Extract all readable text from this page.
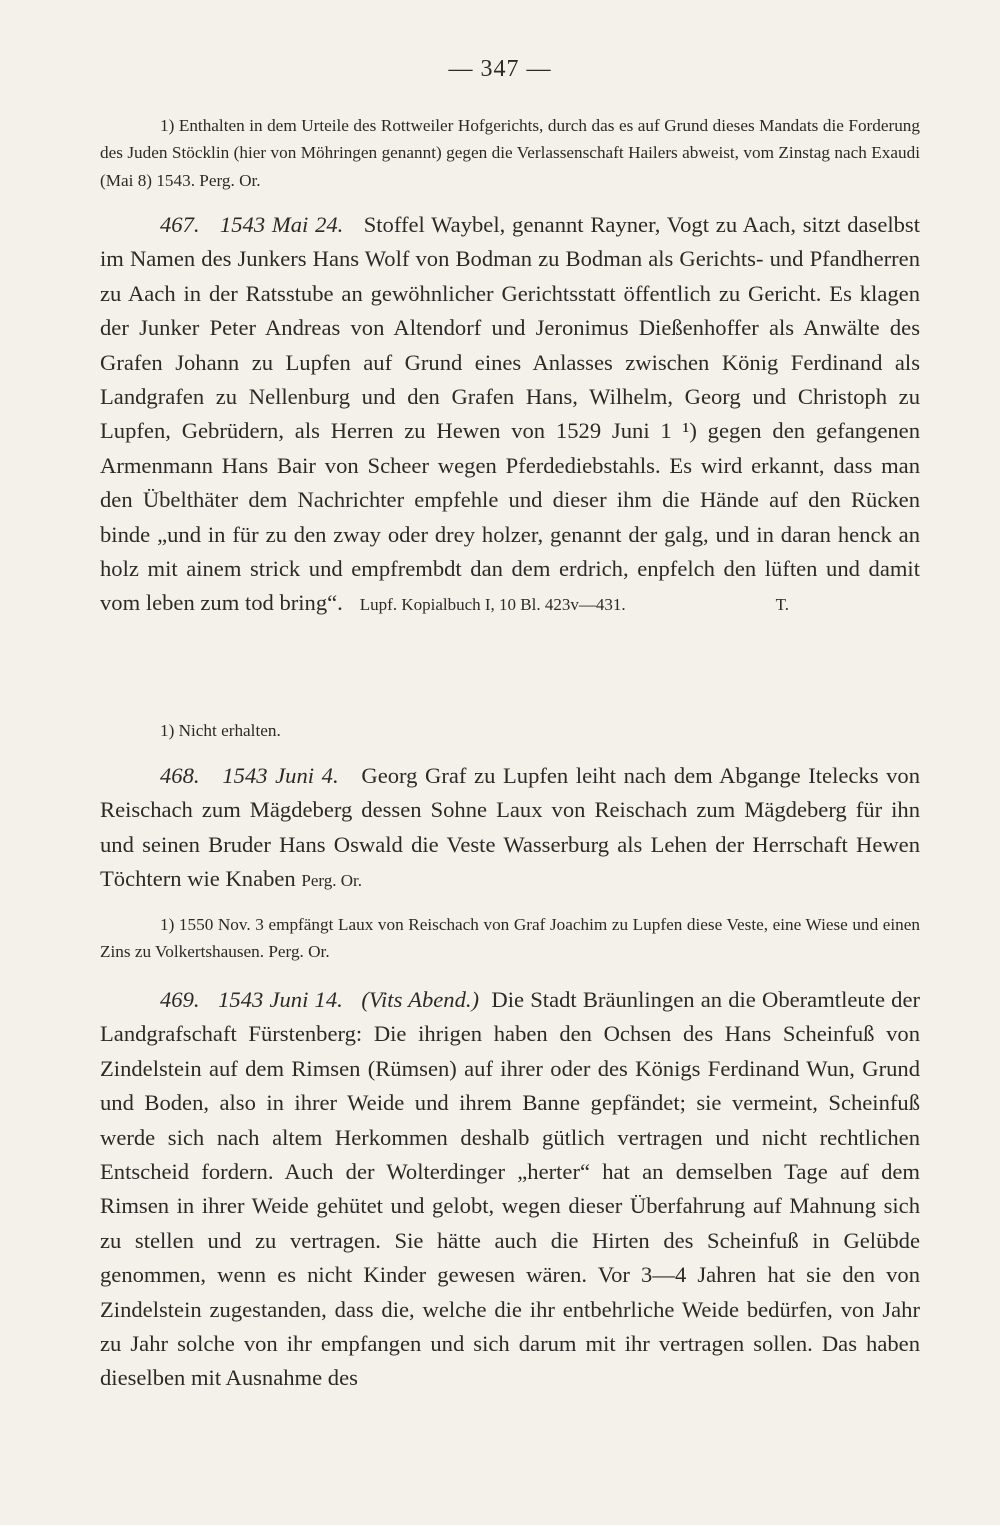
— 347 —

1) Enthalten in dem Urteile des Rottweiler Hofgerichts, durch das es auf Grund dieses Mandats die Forderung des Juden Stöcklin (hier von Möhringen genannt) gegen die Verlassenschaft Hailers abweist, vom Zinstag nach Exaudi (Mai 8) 1543. Perg. Or.

467. 1543 Mai 24. Stoffel Waybel, genannt Rayner, Vogt zu Aach, sitzt daselbst im Namen des Junkers Hans Wolf von Bodman zu Bodman als Gerichts- und Pfandherren zu Aach in der Ratsstube an gewöhnlicher Gerichtsstatt öffentlich zu Gericht. Es klagen der Junker Peter Andreas von Altendorf und Jeronimus Dießenhoffer als Anwälte des Grafen Johann zu Lupfen auf Grund eines Anlasses zwischen König Ferdinand als Landgrafen zu Nellenburg und den Grafen Hans, Wilhelm, Georg und Christoph zu Lupfen, Gebrüdern, als Herren zu Hewen von 1529 Juni 1 ¹) gegen den gefangenen Armenmann Hans Bair von Scheer wegen Pferdediebstahls. Es wird erkannt, dass man den Übelthäter dem Nachrichter empfehle und dieser ihm die Hände auf den Rücken binde „und in für zu den zway oder drey holzer, genannt der galg, und in daran henck an holz mit ainem strick und empfrembdt dan dem erdrich, enpfelch den lüften und damit vom leben zum tod bring“. Lupf. Kopialbuch I, 10 Bl. 423v—431.	T.

1) Nicht erhalten.

468. 1543 Juni 4. Georg Graf zu Lupfen leiht nach dem Abgange Itelecks von Reischach zum Mägdeberg dessen Sohne Laux von Reischach zum Mägdeberg für ihn und seinen Bruder Hans Oswald die Veste Wasserburg als Lehen der Herrschaft Hewen Töchtern wie Knaben Perg. Or.

1) 1550 Nov. 3 empfängt Laux von Reischach von Graf Joachim zu Lupfen diese Veste, eine Wiese und einen Zins zu Volkertshausen. Perg. Or.

469. 1543 Juni 14. (Vits Abend.) Die Stadt Bräunlingen an die Oberamtleute der Landgrafschaft Fürstenberg: Die ihrigen haben den Ochsen des Hans Scheinfuß von Zindelstein auf dem Rimsen (Rümsen) auf ihrer oder des Königs Ferdinand Wun, Grund und Boden, also in ihrer Weide und ihrem Banne gepfändet; sie vermeint, Scheinfuß werde sich nach altem Herkommen deshalb gütlich vertragen und nicht rechtlichen Entscheid fordern. Auch der Wolterdinger „herter“ hat an demselben Tage auf dem Rimsen in ihrer Weide gehütet und gelobt, wegen dieser Überfahrung auf Mahnung sich zu stellen und zu vertragen. Sie hätte auch die Hirten des Scheinfuß in Gelübde genommen, wenn es nicht Kinder gewesen wären. Vor 3—4 Jahren hat sie den von Zindelstein zugestanden, dass die, welche die ihr entbehrliche Weide bedürfen, von Jahr zu Jahr solche von ihr empfangen und sich darum mit ihr vertragen sollen. Das haben dieselben mit Ausnahme des
